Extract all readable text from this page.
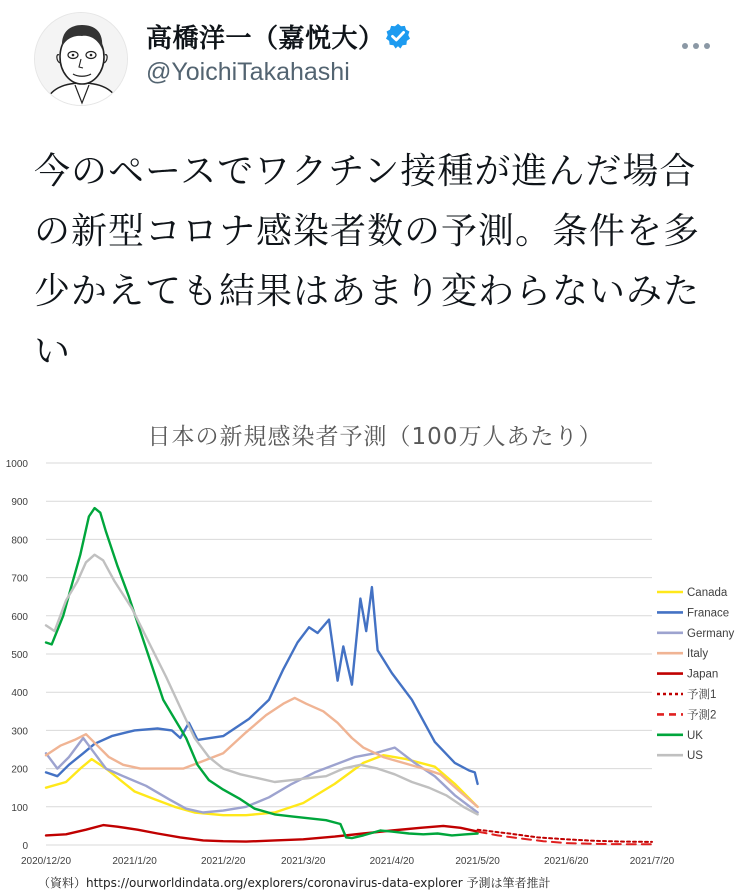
高橋洋一（嘉悦大）
@YoichiTakahashi
今のペースでワクチン接種が進んだ場合の新型コロナ感染者数の予測。条件を多少かえても結果はあまり変わらないみたい
0
100
200
300
400
500
600
700
800
900
1000
2020/12/20	2021/1/20	2021/2/20	2021/3/20	2021/4/20	2021/5/20	2021/6/20	2021/7/20
Canada
Franace
Germany
Italy
Japan
予測1
予測2
UK
US
日本の新規感染者予測（100万人あたり）
（資料）https://ourworldindata.org/explorers/coronavirus-data-explorer 予測は筆者推計
